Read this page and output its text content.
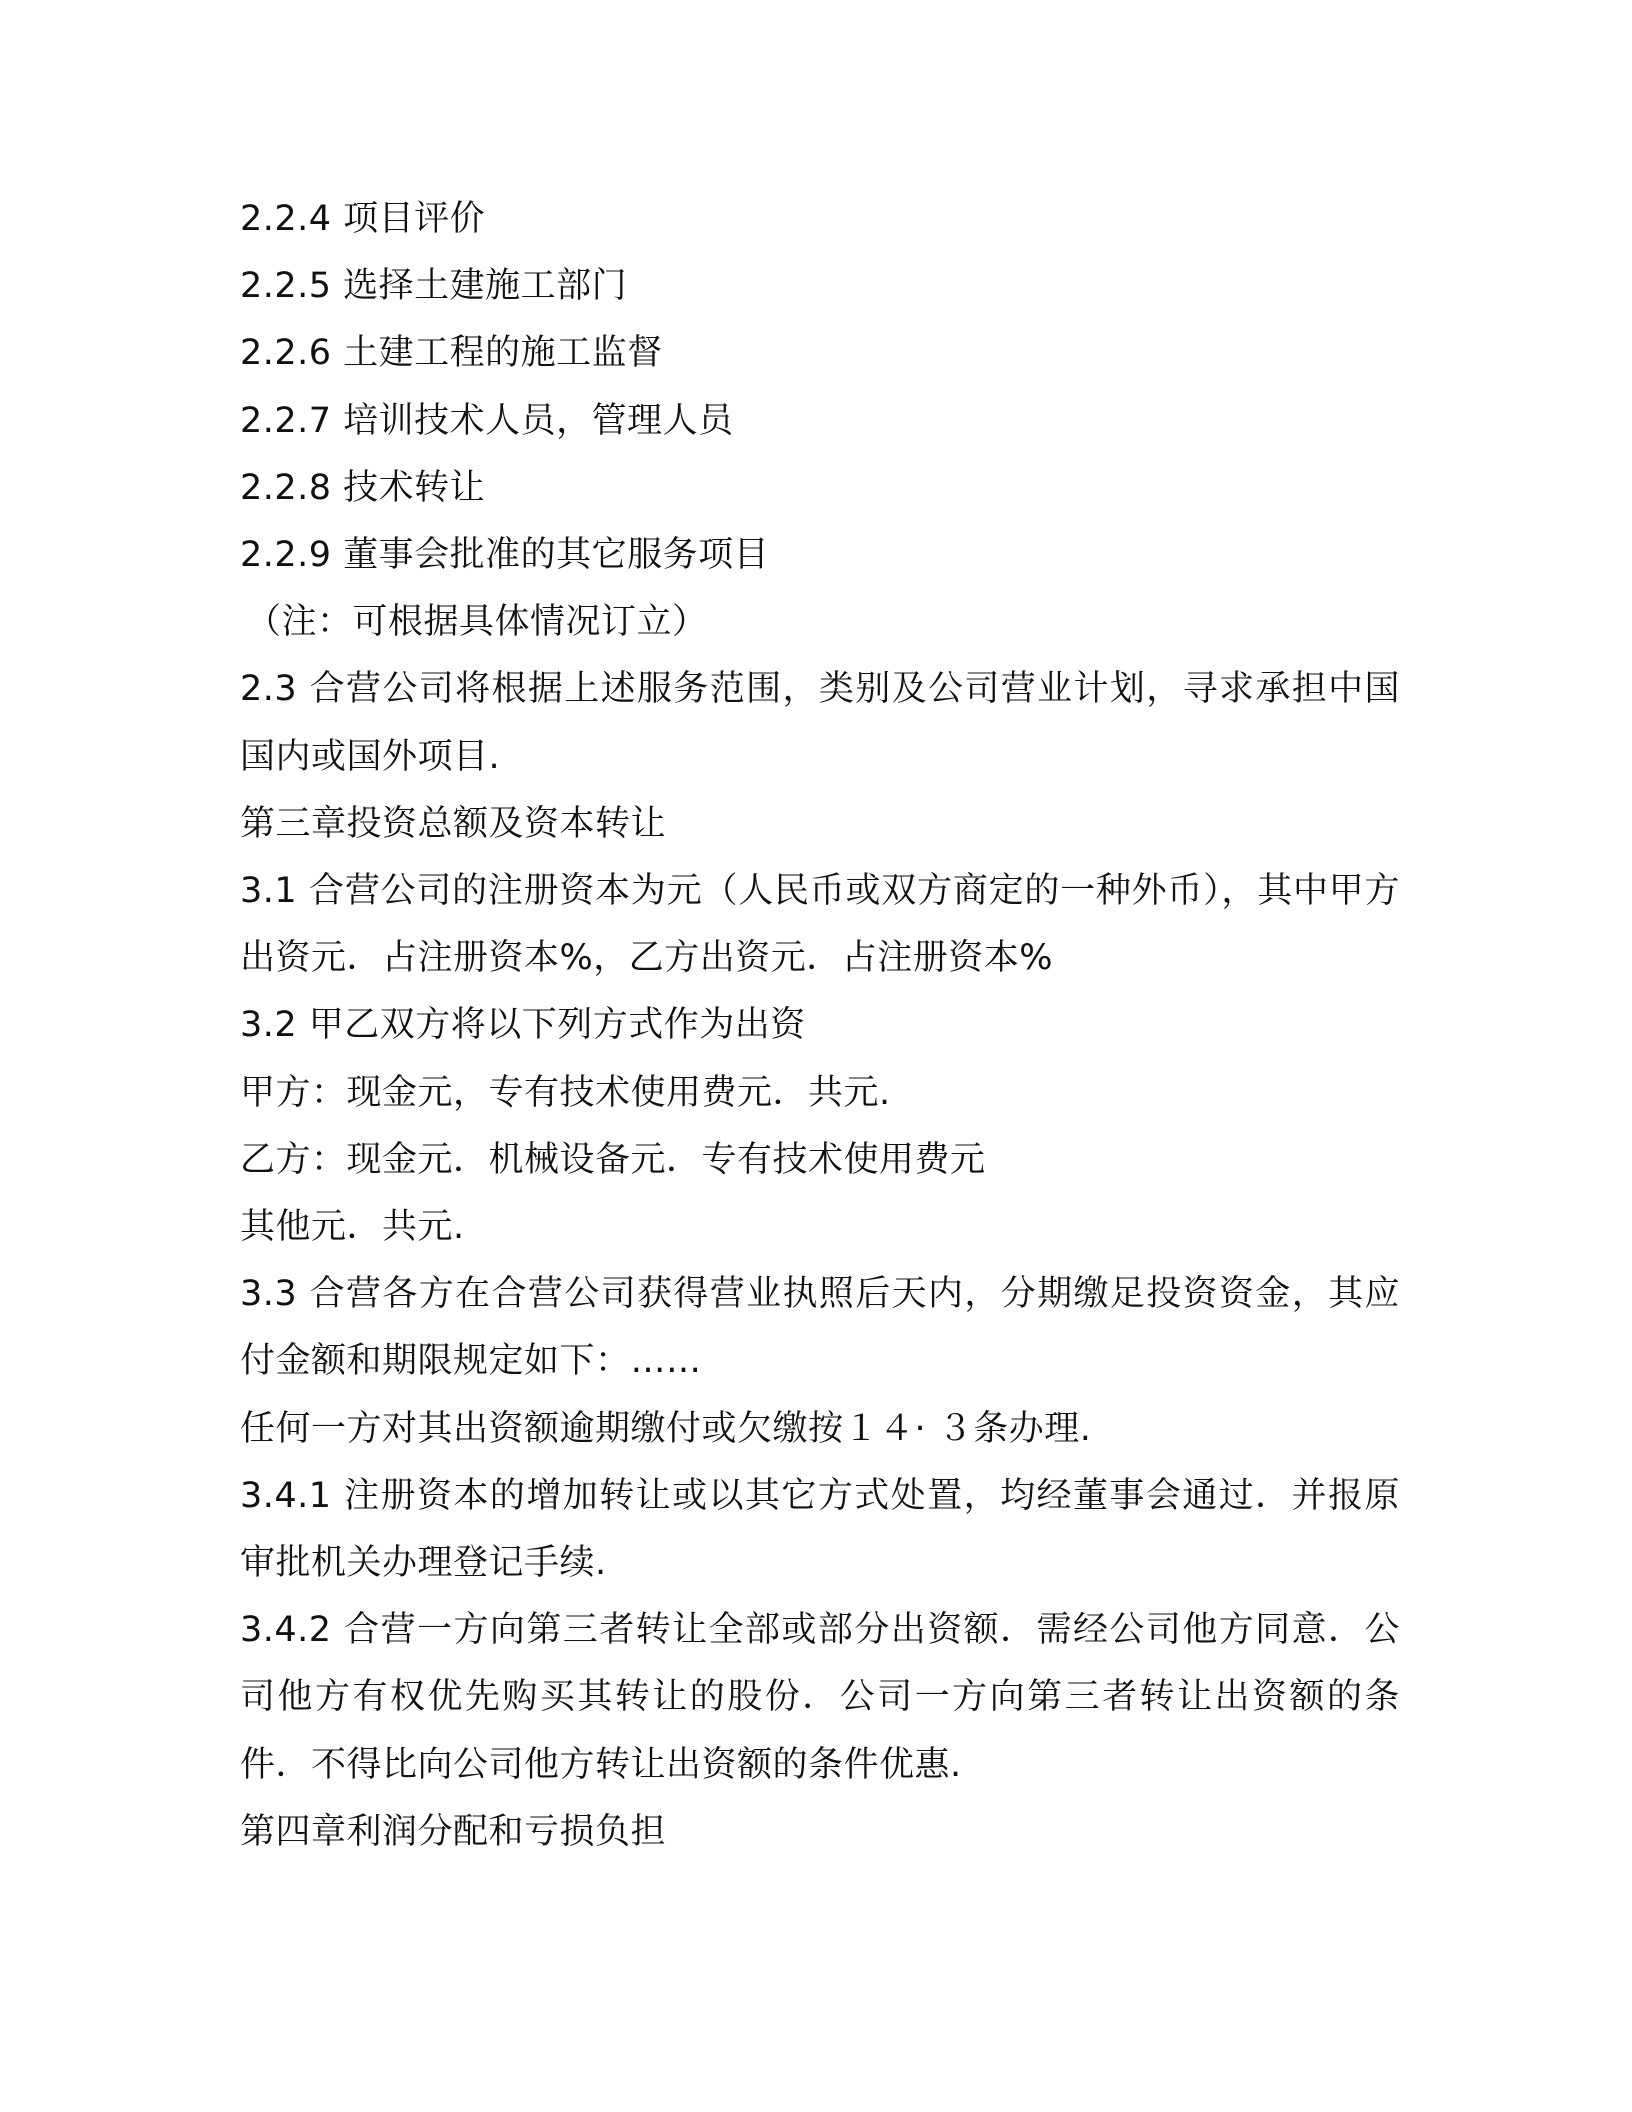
2.2.4 项目评价
2.2.5 选择土建施工部门
2.2.6 土建工程的施工监督
2.2.7 培训技术人员，管理人员
2.2.8 技术转让
2.2.9 董事会批准的其它服务项目
（注：可根据具体情况订立）

2.3 合营公司将根据上述服务范围，类别及公司营业计划，寻求承担中国国内或国外项目.

第三章投资总额及资本转让

3.1 合营公司的注册资本为元（人民币或双方商定的一种外币），其中甲方出资元．占注册资本%，乙方出资元．占注册资本%

3.2 甲乙双方将以下列方式作为出资
甲方：现金元，专有技术使用费元．共元.
乙方：现金元．机械设备元．专有技术使用费元
其他元．共元.

3.3 合营各方在合营公司获得营业执照后天内，分期缴足投资资金，其应付金额和期限规定如下：……

任何一方对其出资额逾期缴付或欠缴按１４· ３条办理.

3.4.1 注册资本的增加转让或以其它方式处置，均经董事会通过．并报原审批机关办理登记手续.

3.4.2 合营一方向第三者转让全部或部分出资额．需经公司他方同意．公司他方有权优先购买其转让的股份．公司一方向第三者转让出资额的条件．不得比向公司他方转让出资额的条件优惠.

第四章利润分配和亏损负担
